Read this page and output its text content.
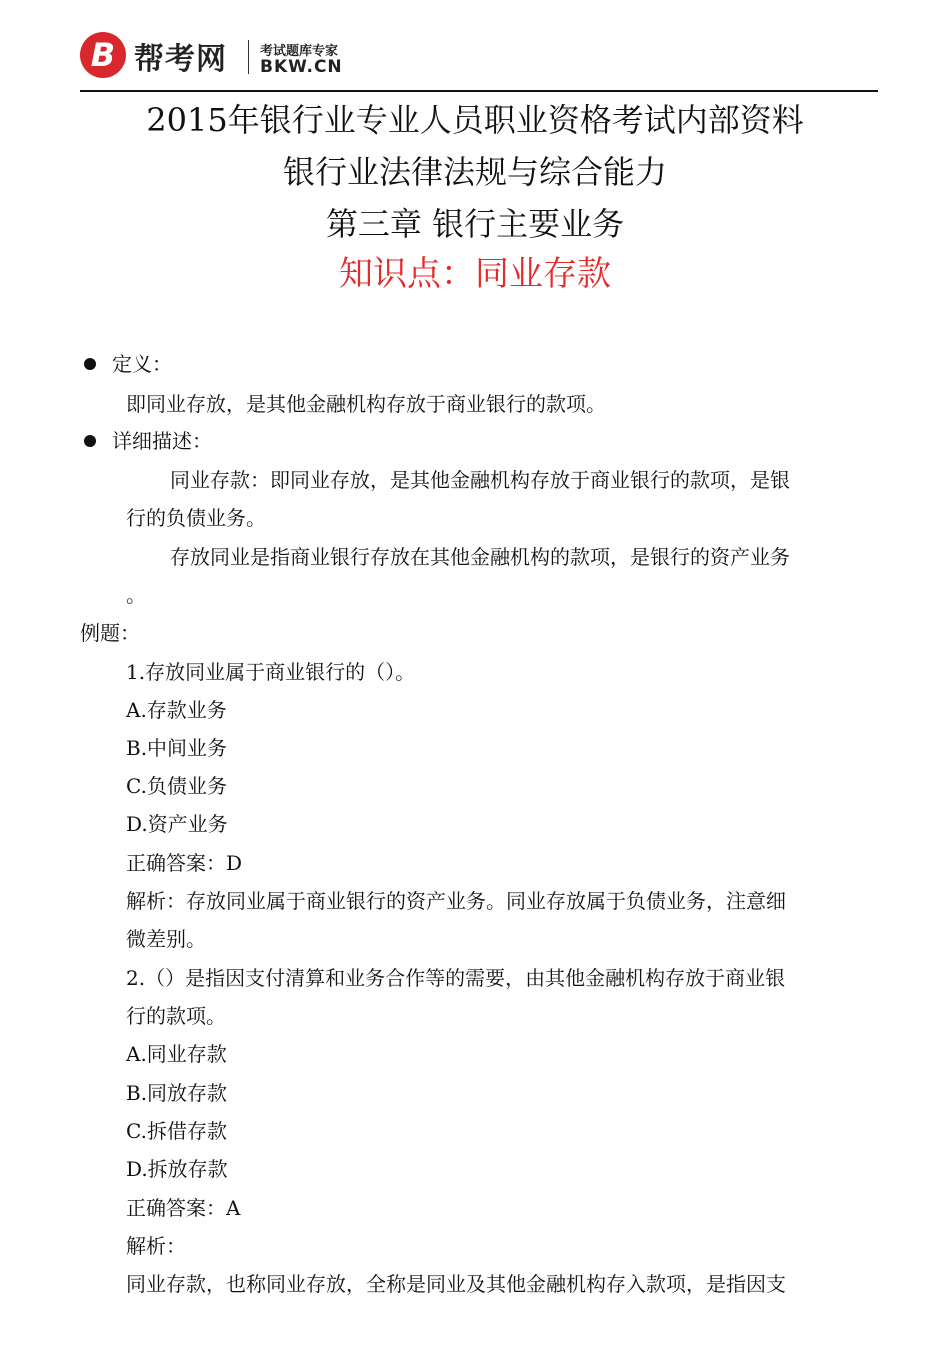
B 帮考网	考试题库专家
BKW.CN
2015年银行业专业人员职业资格考试内部资料
银行业法律法规与综合能力
第三章 银行主要业务
知识点：同业存款
定义：
即同业存放，是其他金融机构存放于商业银行的款项。
详细描述：
同业存款：即同业存放，是其他金融机构存放于商业银行的款项，是银
行的负债业务。
存放同业是指商业银行存放在其他金融机构的款项，是银行的资产业务
。
例题：
1.存放同业属于商业银行的（）。
A.存款业务
B.中间业务
C.负债业务
D.资产业务
正确答案：D
解析：存放同业属于商业银行的资产业务。同业存放属于负债业务，注意细
微差别。
2.（）是指因支付清算和业务合作等的需要，由其他金融机构存放于商业银
行的款项。
A.同业存款
B.同放存款
C.拆借存款
D.拆放存款
正确答案：A
解析：
同业存款，也称同业存放，全称是同业及其他金融机构存入款项，是指因支
